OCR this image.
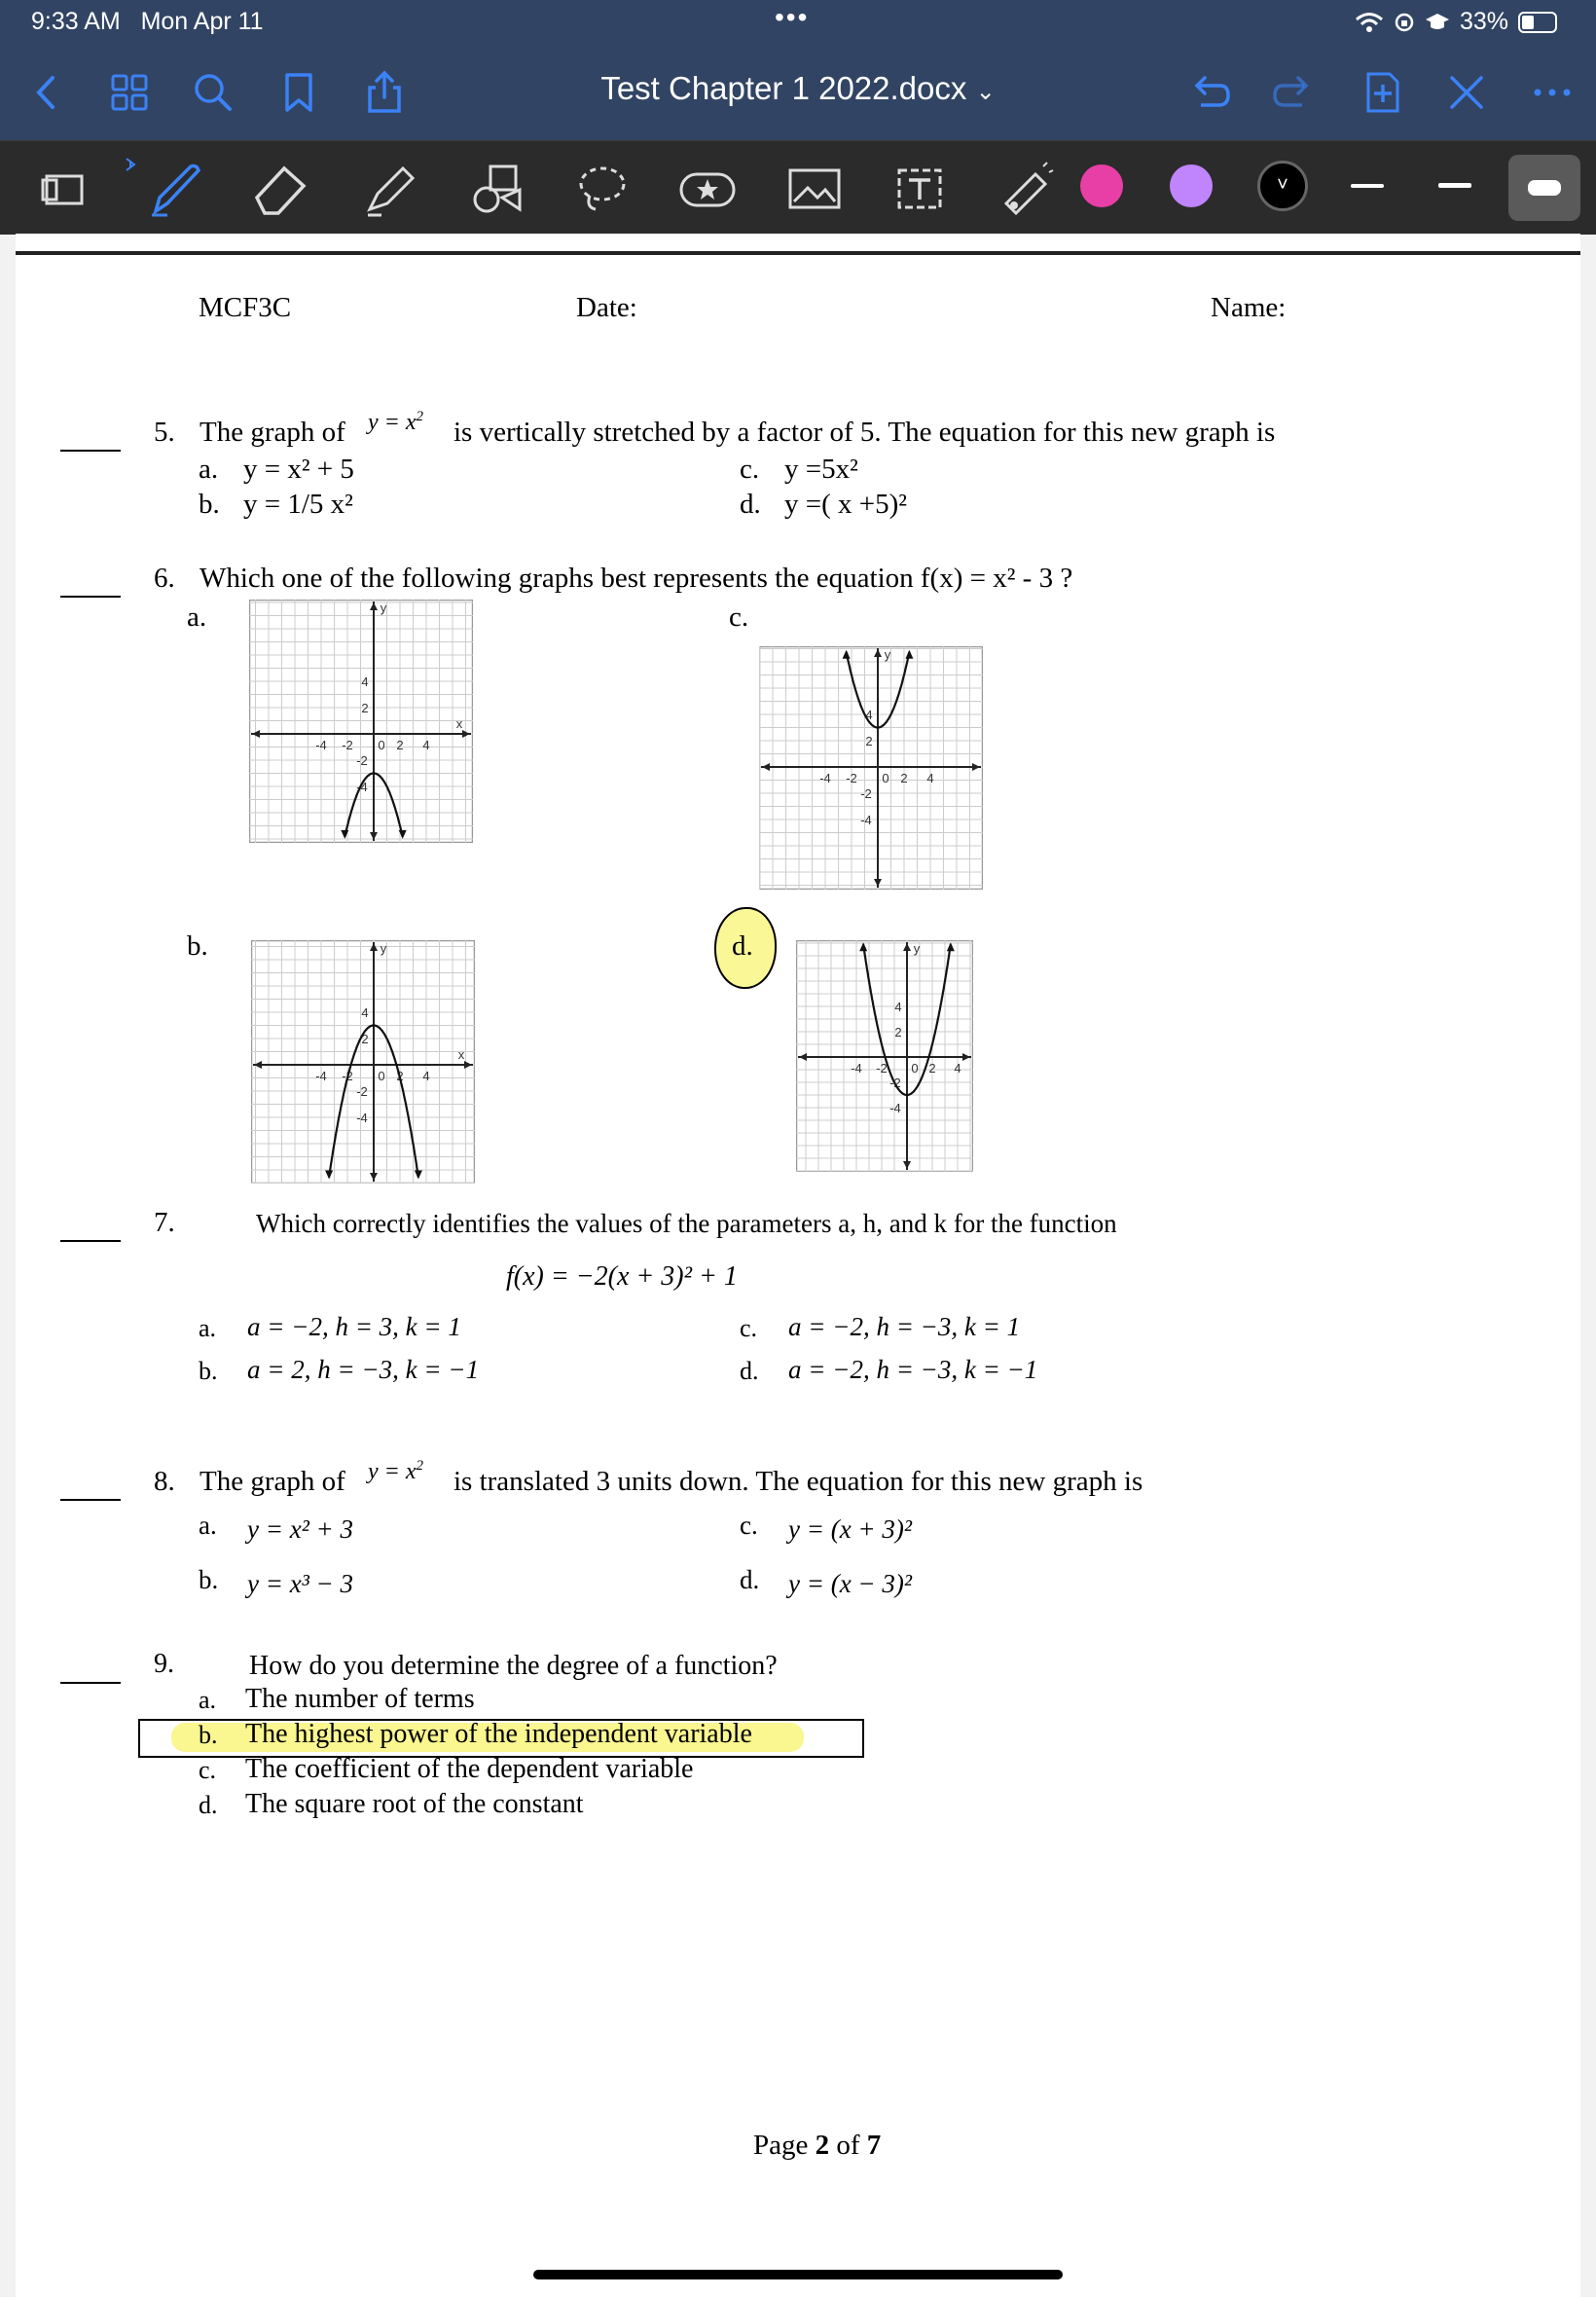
9:33 AM Mon Apr 11	•••	33%
Test Chapter 1 2022.docx ⌄
˅
MCF3C	Date:	Name:
5. The graph of $y = x^2$ is vertically stretched by a factor of 5. The equation for this new graph is
a. y = x² + 5
b. y = 1/5 x²
c. y =5x²
d. y =( x +5)²
6. Which one of the following graphs best represents the equation f(x) = x² - 3 ?
a.	c.
b.	d.
-2
-4	2 4
0
2
4
-2
-4
y
x
-2
-4	2 4
0
2
4
-2
-4
y
-2
-4	2 4
0
2
4
-2
-4
y
x
-2
-4	2 4
0
2
4
-2
-4
y
7.	Which correctly identifies the values of the parameters a, h, and k for the function
f(x) = −2(x + 3)² + 1
a. a = −2, h = 3, k = 1
b. a = 2, h = −3, k = −1
c. a = −2, h = −3, k = 1
d. a = −2, h = −3, k = −1
8. The graph of $y = x^2$ is translated 3 units down. The equation for this new graph is
a. y = x² + 3
b. y = x³ − 3
c. y = (x + 3)²
d. y = (x − 3)²
9.	How do you determine the degree of a function?
a. The number of terms
b. The highest power of the independent variable
c. The coefficient of the dependent variable
d. The square root of the constant
Page 2 of 7
